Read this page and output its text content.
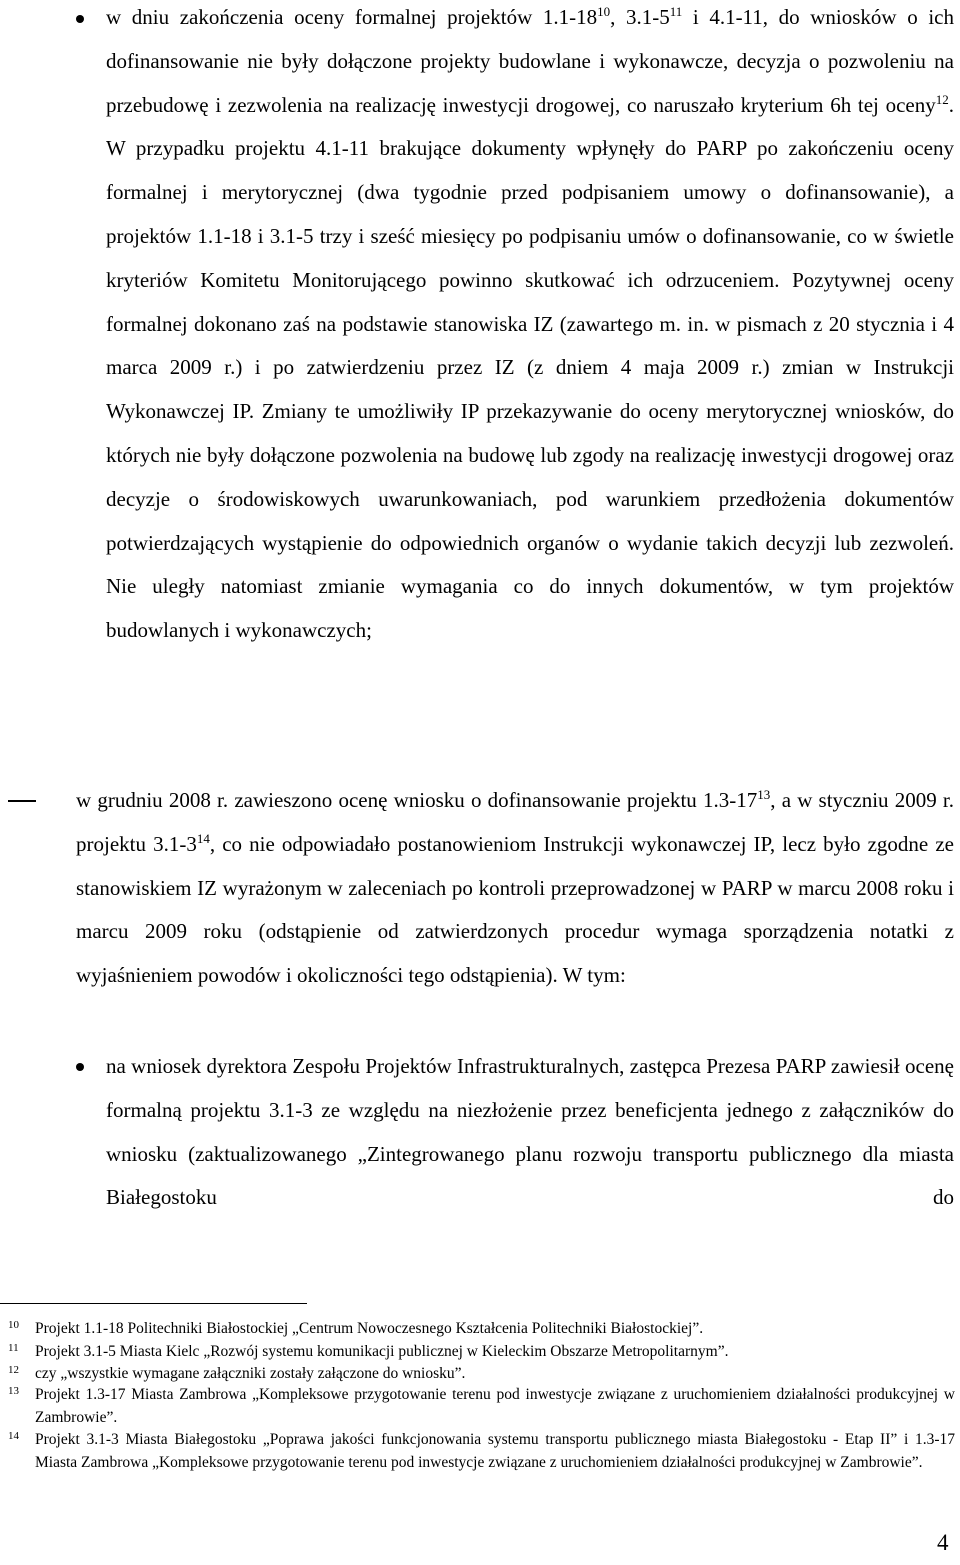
w dniu zakończenia oceny formalnej projektów $1.1-18^{10}$, $3.1-5^{11}$ i 4.1-11, do wniosków o ich dofinansowanie nie były dołączone projekty budowlane i wykonawcze, decyzja o pozwoleniu na przebudowę i zezwolenia na realizację inwestycji drogowej, co naruszało kryterium 6h tej oceny$^{12}$. W przypadku projektu 4.1-11 brakujące dokumenty wpłynęły do PARP po zakończeniu oceny formalnej i merytorycznej (dwa tygodnie przed podpisaniem umowy o dofinansowanie), a projektów 1.1-18 i 3.1-5 trzy i sześć miesięcy po podpisaniu umów o dofinansowanie, co w świetle kryteriów Komitetu Monitorującego powinno skutkować ich odrzuceniem. Pozytywnej oceny formalnej dokonano zaś na podstawie stanowiska IZ (zawartego m. in. w pismach z 20 stycznia i 4 marca 2009 r.) i po zatwierdzeniu przez IZ (z dniem 4 maja 2009 r.) zmian w Instrukcji Wykonawczej IP. Zmiany te umożliwiły IP przekazywanie do oceny merytorycznej wniosków, do których nie były dołączone pozwolenia na budowę lub zgody na realizację inwestycji drogowej oraz decyzje o środowiskowych uwarunkowaniach, pod warunkiem przedłożenia dokumentów potwierdzających wystąpienie do odpowiednich organów o wydanie takich decyzji lub zezwoleń. Nie uległy natomiast zmianie wymagania co do innych dokumentów, w tym projektów budowlanych i wykonawczych;

w grudniu 2008 r. zawieszono ocenę wniosku o dofinansowanie projektu $1.3-17^{13}$, a w styczniu 2009 r. projektu $3.1-3^{14}$, co nie odpowiadało postanowieniom Instrukcji wykonawczej IP, lecz było zgodne ze stanowiskiem IZ wyrażonym w zaleceniach po kontroli przeprowadzonej w PARP w marcu 2008 roku i marcu 2009 roku (odstąpienie od zatwierdzonych procedur wymaga sporządzenia notatki z wyjaśnieniem powodów i okoliczności tego odstąpienia). W tym:

na wniosek dyrektora Zespołu Projektów Infrastrukturalnych, zastępca Prezesa PARP zawiesił ocenę formalną projektu 3.1-3 ze względu na niezłożenie przez beneficjenta jednego z załączników do wniosku (zaktualizowanego „Zintegrowanego planu rozwoju transportu publicznego dla miasta Białegostoku do

10 Projekt 1.1-18 Politechniki Białostockiej „Centrum Nowoczesnego Kształcenia Politechniki Białostockiej”.
11 Projekt 3.1-5 Miasta Kielc „Rozwój systemu komunikacji publicznej w Kieleckim Obszarze Metropolitarnym”.
12 czy „wszystkie wymagane załączniki zostały załączone do wniosku”.
13 Projekt 1.3-17 Miasta Zambrowa „Kompleksowe przygotowanie terenu pod inwestycje związane z uruchomieniem działalności produkcyjnej w Zambrowie”.
14 Projekt 3.1-3 Miasta Białegostoku „Poprawa jakości funkcjonowania systemu transportu publicznego miasta Białegostoku - Etap II” i 1.3-17 Miasta Zambrowa „Kompleksowe przygotowanie terenu pod inwestycje związane z uruchomieniem działalności produkcyjnej w Zambrowie”.
4
